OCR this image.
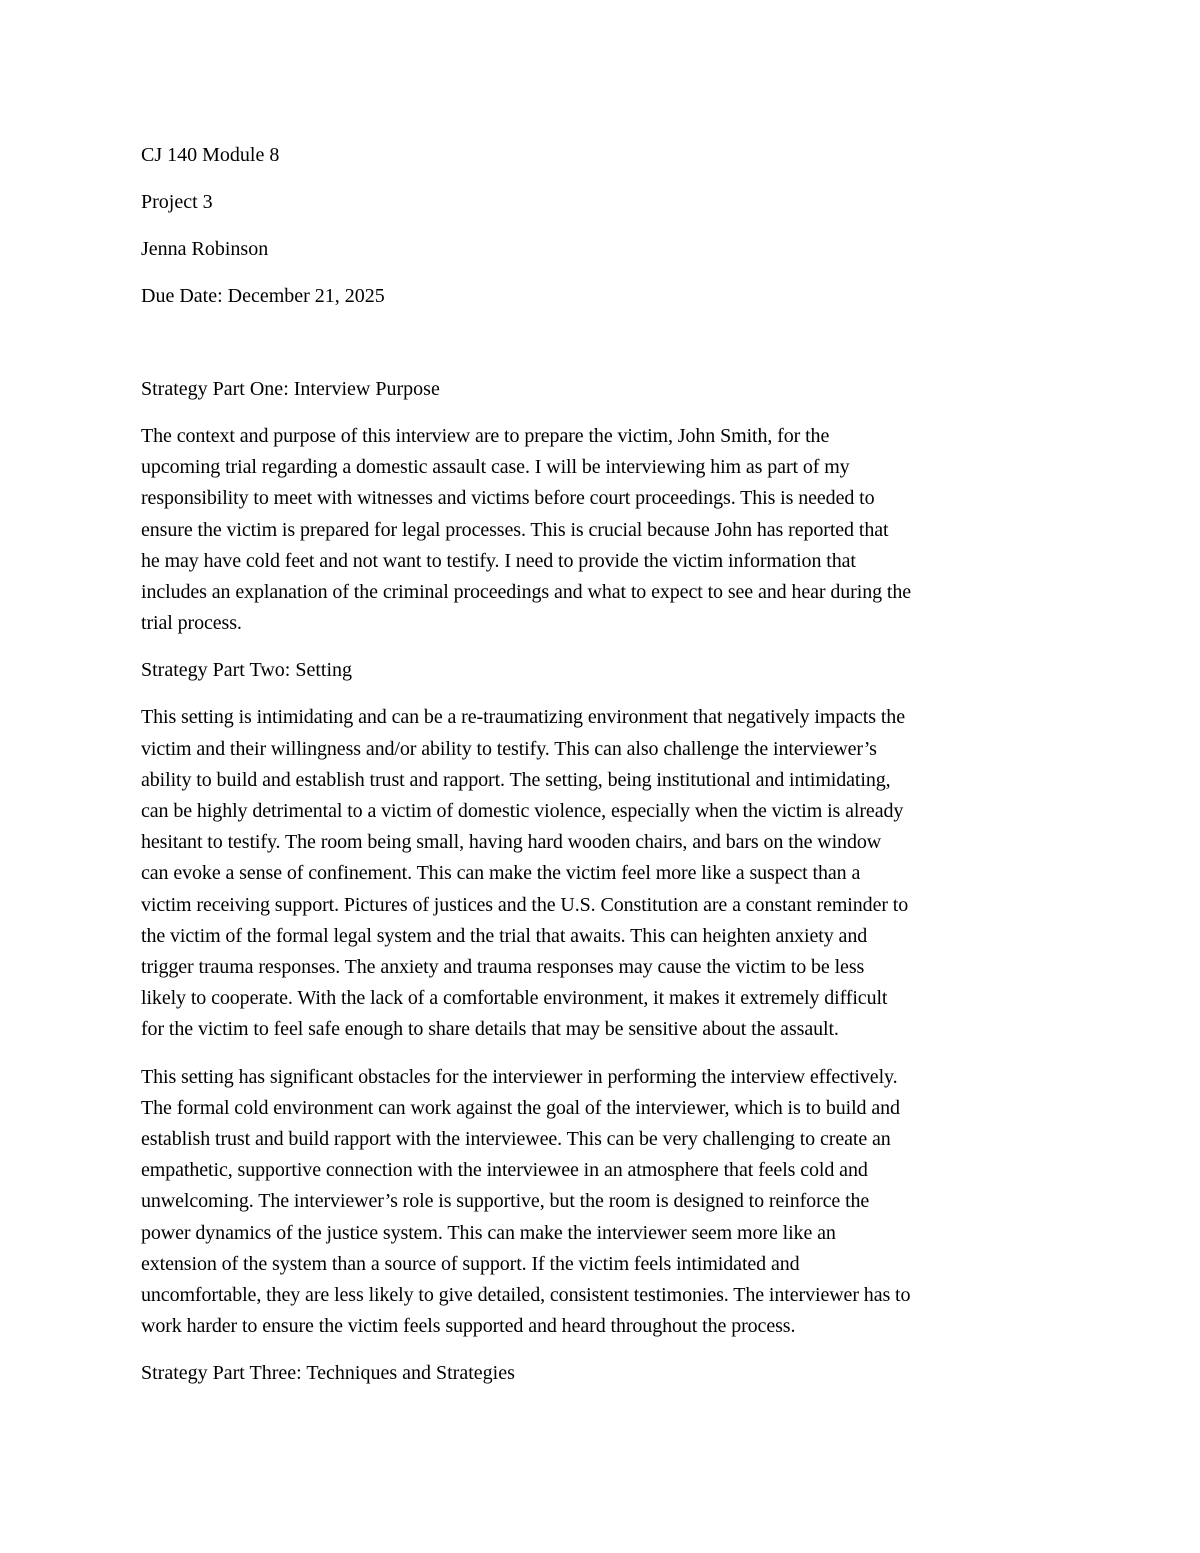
CJ 140 Module 8

Project 3

Jenna Robinson

Due Date: December 21, 2025

Strategy Part One: Interview Purpose

The context and purpose of this interview are to prepare the victim, John Smith, for the
upcoming trial regarding a domestic assault case. I will be interviewing him as part of my
responsibility to meet with witnesses and victims before court proceedings. This is needed to
ensure the victim is prepared for legal processes. This is crucial because John has reported that
he may have cold feet and not want to testify. I need to provide the victim information that
includes an explanation of the criminal proceedings and what to expect to see and hear during the
trial process.

Strategy Part Two: Setting

This setting is intimidating and can be a re-traumatizing environment that negatively impacts the
victim and their willingness and/or ability to testify. This can also challenge the interviewer’s
ability to build and establish trust and rapport. The setting, being institutional and intimidating,
can be highly detrimental to a victim of domestic violence, especially when the victim is already
hesitant to testify. The room being small, having hard wooden chairs, and bars on the window
can evoke a sense of confinement. This can make the victim feel more like a suspect than a
victim receiving support. Pictures of justices and the U.S. Constitution are a constant reminder to
the victim of the formal legal system and the trial that awaits. This can heighten anxiety and
trigger trauma responses. The anxiety and trauma responses may cause the victim to be less
likely to cooperate. With the lack of a comfortable environment, it makes it extremely difficult
for the victim to feel safe enough to share details that may be sensitive about the assault.

This setting has significant obstacles for the interviewer in performing the interview effectively.
The formal cold environment can work against the goal of the interviewer, which is to build and
establish trust and build rapport with the interviewee. This can be very challenging to create an
empathetic, supportive connection with the interviewee in an atmosphere that feels cold and
unwelcoming. The interviewer’s role is supportive, but the room is designed to reinforce the
power dynamics of the justice system. This can make the interviewer seem more like an
extension of the system than a source of support. If the victim feels intimidated and
uncomfortable, they are less likely to give detailed, consistent testimonies. The interviewer has to
work harder to ensure the victim feels supported and heard throughout the process.

Strategy Part Three: Techniques and Strategies
